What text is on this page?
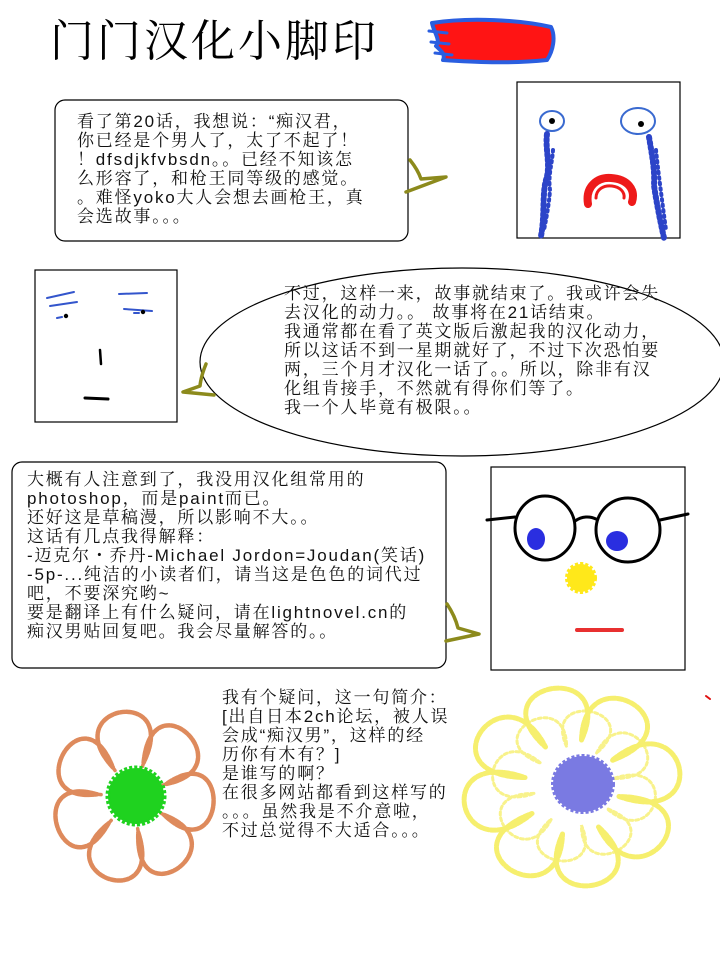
门门汉化小脚印
看了第20话，我想说：“痴汉君，
你已经是个男人了，太了不起了！
！dfsdjkfvbsdn。。已经不知该怎
么形容了，和枪王同等级的感觉。
。难怪yoko大人会想去画枪王，真
会选故事。。。
不过，这样一来，故事就结束了。我或许会失
去汉化的动力。。 故事将在21话结束。
我通常都在看了英文版后激起我的汉化动力，
所以这话不到一星期就好了，不过下次恐怕要
两，三个月才汉化一话了。。所以，除非有汉
化组肯接手，不然就有得你们等了。
我一个人毕竟有极限。。
大概有人注意到了，我没用汉化组常用的
photoshop，而是paint而已。
还好这是草稿漫，所以影响不大。。
这话有几点我得解释：
-迈克尔・乔丹-Michael Jordon=Joudan(笑话)
-5p-...纯洁的小读者们，请当这是色色的词代过
吧，不要深究哟~
要是翻译上有什么疑问，请在lightnovel.cn的
痴汉男贴回复吧。我会尽量解答的。。
我有个疑问，这一句简介：
[出自日本2ch论坛，被人误
会成“痴汉男”，这样的经
历你有木有？]
是谁写的啊？
在很多网站都看到这样写的
。。。虽然我是不介意啦，
不过总觉得不大适合。。。
